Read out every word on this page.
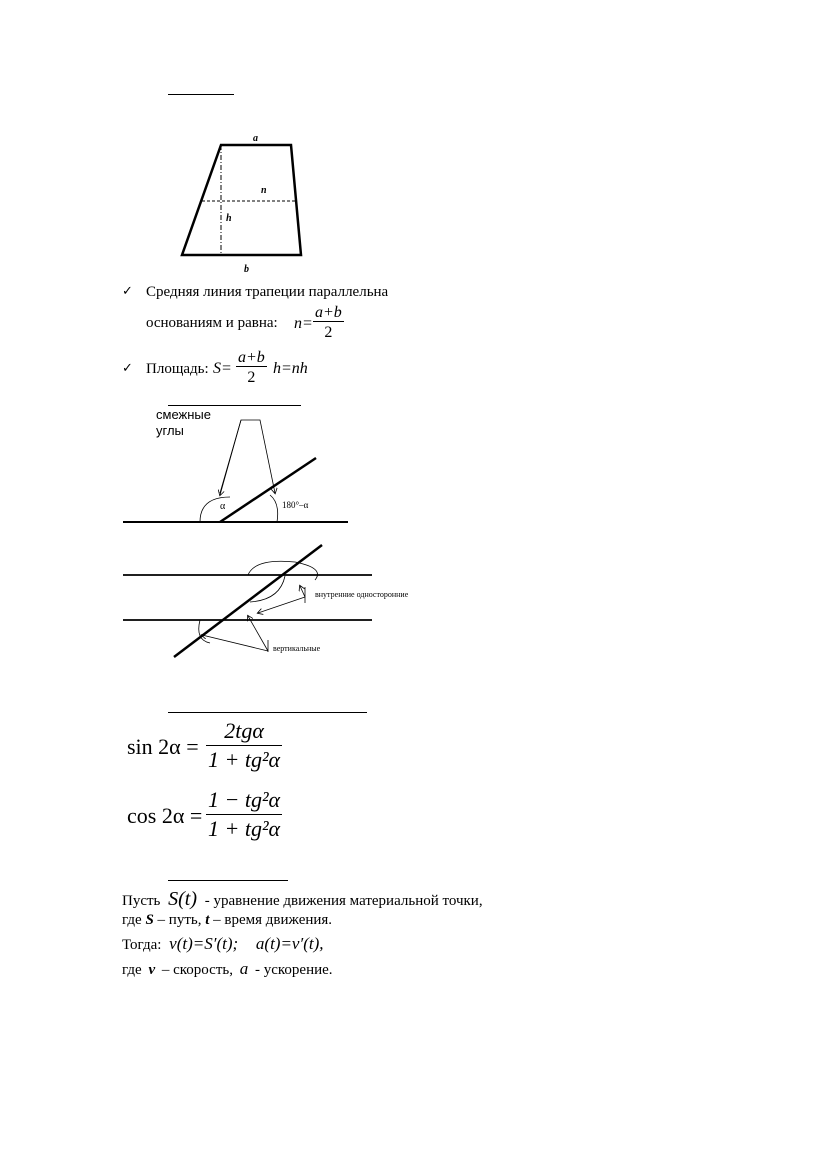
a
n
h
b
✓ Средняя линия трапеции параллельна
основаниям и равна: n=
a+b
2
✓ Площадь: S=
a+b
2
h=nh
смежные
углы
α	180°–α
внутренние односторонние
вертикальные
sin 2α =
2tgα
1 + tg²α
cos 2α =
1 − tg²α
1 + tg²α
Пусть S(t) - уравнение движения материальной точки,
где S – путь, t – время движения.
Тогда: v(t)=S′(t); a(t)=v′(t),
где v – скорость, a - ускорение.
